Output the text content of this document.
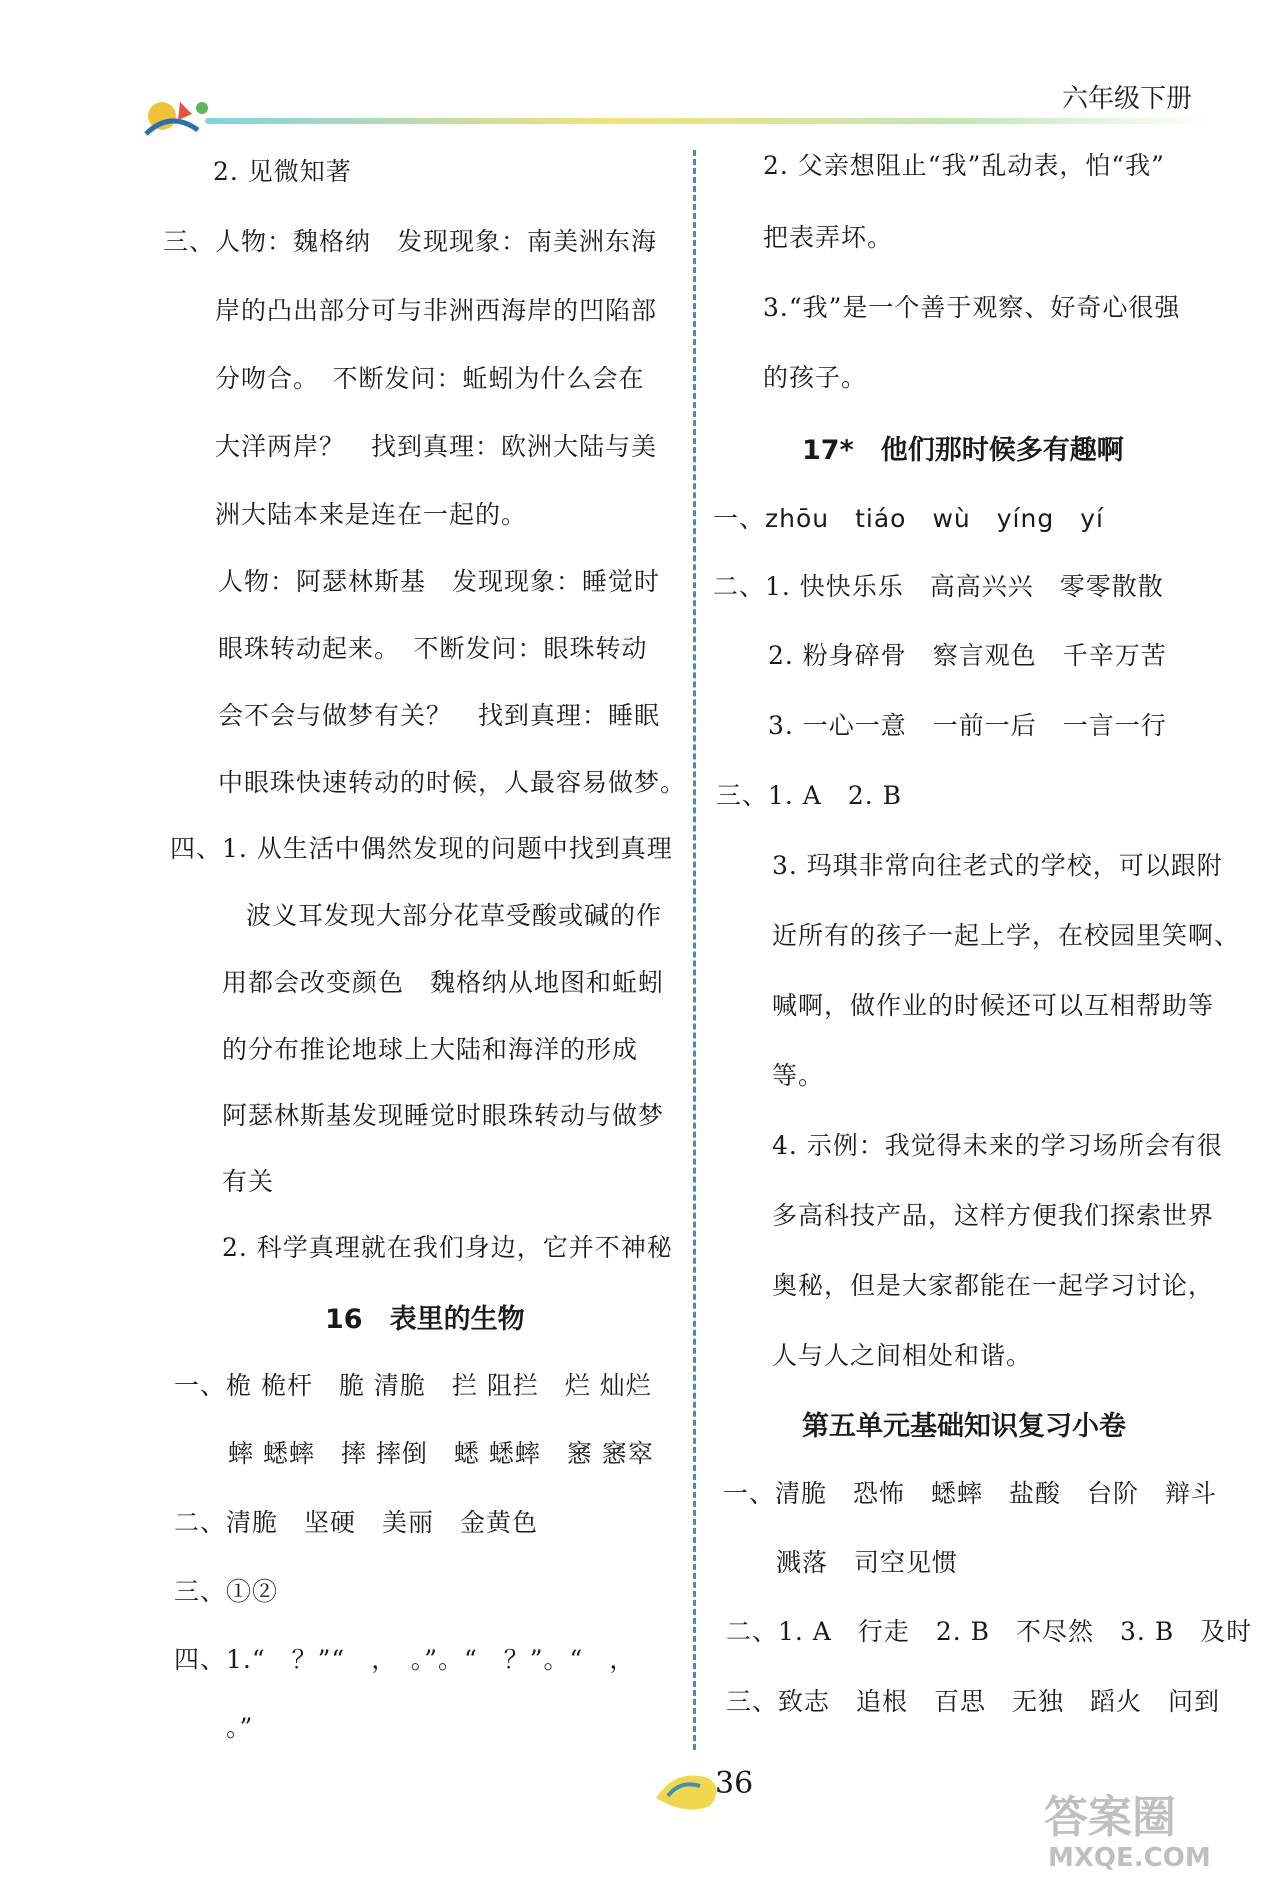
六年级下册
2. 见微知著
三、人物：魏格纳　发现现象：南美洲东海
岸的凸出部分可与非洲西海岸的凹陷部
分吻合。　不断发问：蚯蚓为什么会在
大洋两岸？　找到真理：欧洲大陆与美
洲大陆本来是连在一起的。
人物：阿瑟林斯基　发现现象：睡觉时
眼珠转动起来。　不断发问：眼珠转动
会不会与做梦有关？　找到真理：睡眠
中眼珠快速转动的时候，人最容易做梦。
四、1. 从生活中偶然发现的问题中找到真理
波义耳发现大部分花草受酸或碱的作
用都会改变颜色　魏格纳从地图和蚯蚓
的分布推论地球上大陆和海洋的形成
阿瑟林斯基发现睡觉时眼珠转动与做梦
有关
2. 科学真理就在我们身边，它并不神秘
16　表里的生物
一、桅 桅杆　脆 清脆　拦 阻拦　烂 灿烂
蟀 蟋蟀　摔 摔倒　蟋 蟋蟀　窸 窸窣
二、清脆　坚硬　美丽　金黄色
三、①②
四、1.“　？”“　，　。”。“　？”。“　，
。”
2. 父亲想阻止“我”乱动表，怕“我”
把表弄坏。
3.“我”是一个善于观察、好奇心很强
的孩子。
17*　他们那时候多有趣啊
一、zhōu　tiáo　wù　yíng　yí
二、1. 快快乐乐　高高兴兴　零零散散
2. 粉身碎骨　察言观色　千辛万苦
3. 一心一意　一前一后　一言一行
三、1. A　2. B
3. 玛琪非常向往老式的学校，可以跟附
近所有的孩子一起上学，在校园里笑啊、
喊啊，做作业的时候还可以互相帮助等
等。
4. 示例：我觉得未来的学习场所会有很
多高科技产品，这样方便我们探索世界
奥秘，但是大家都能在一起学习讨论，
人与人之间相处和谐。
第五单元基础知识复习小卷
一、清脆　恐怖　蟋蟀　盐酸　台阶　辩斗
溅落　司空见惯
二、1. A　行走　2. B　不尽然　3. B　及时
三、致志　追根　百思　无独　蹈火　问到
36
答案圈
MXQE.COM
